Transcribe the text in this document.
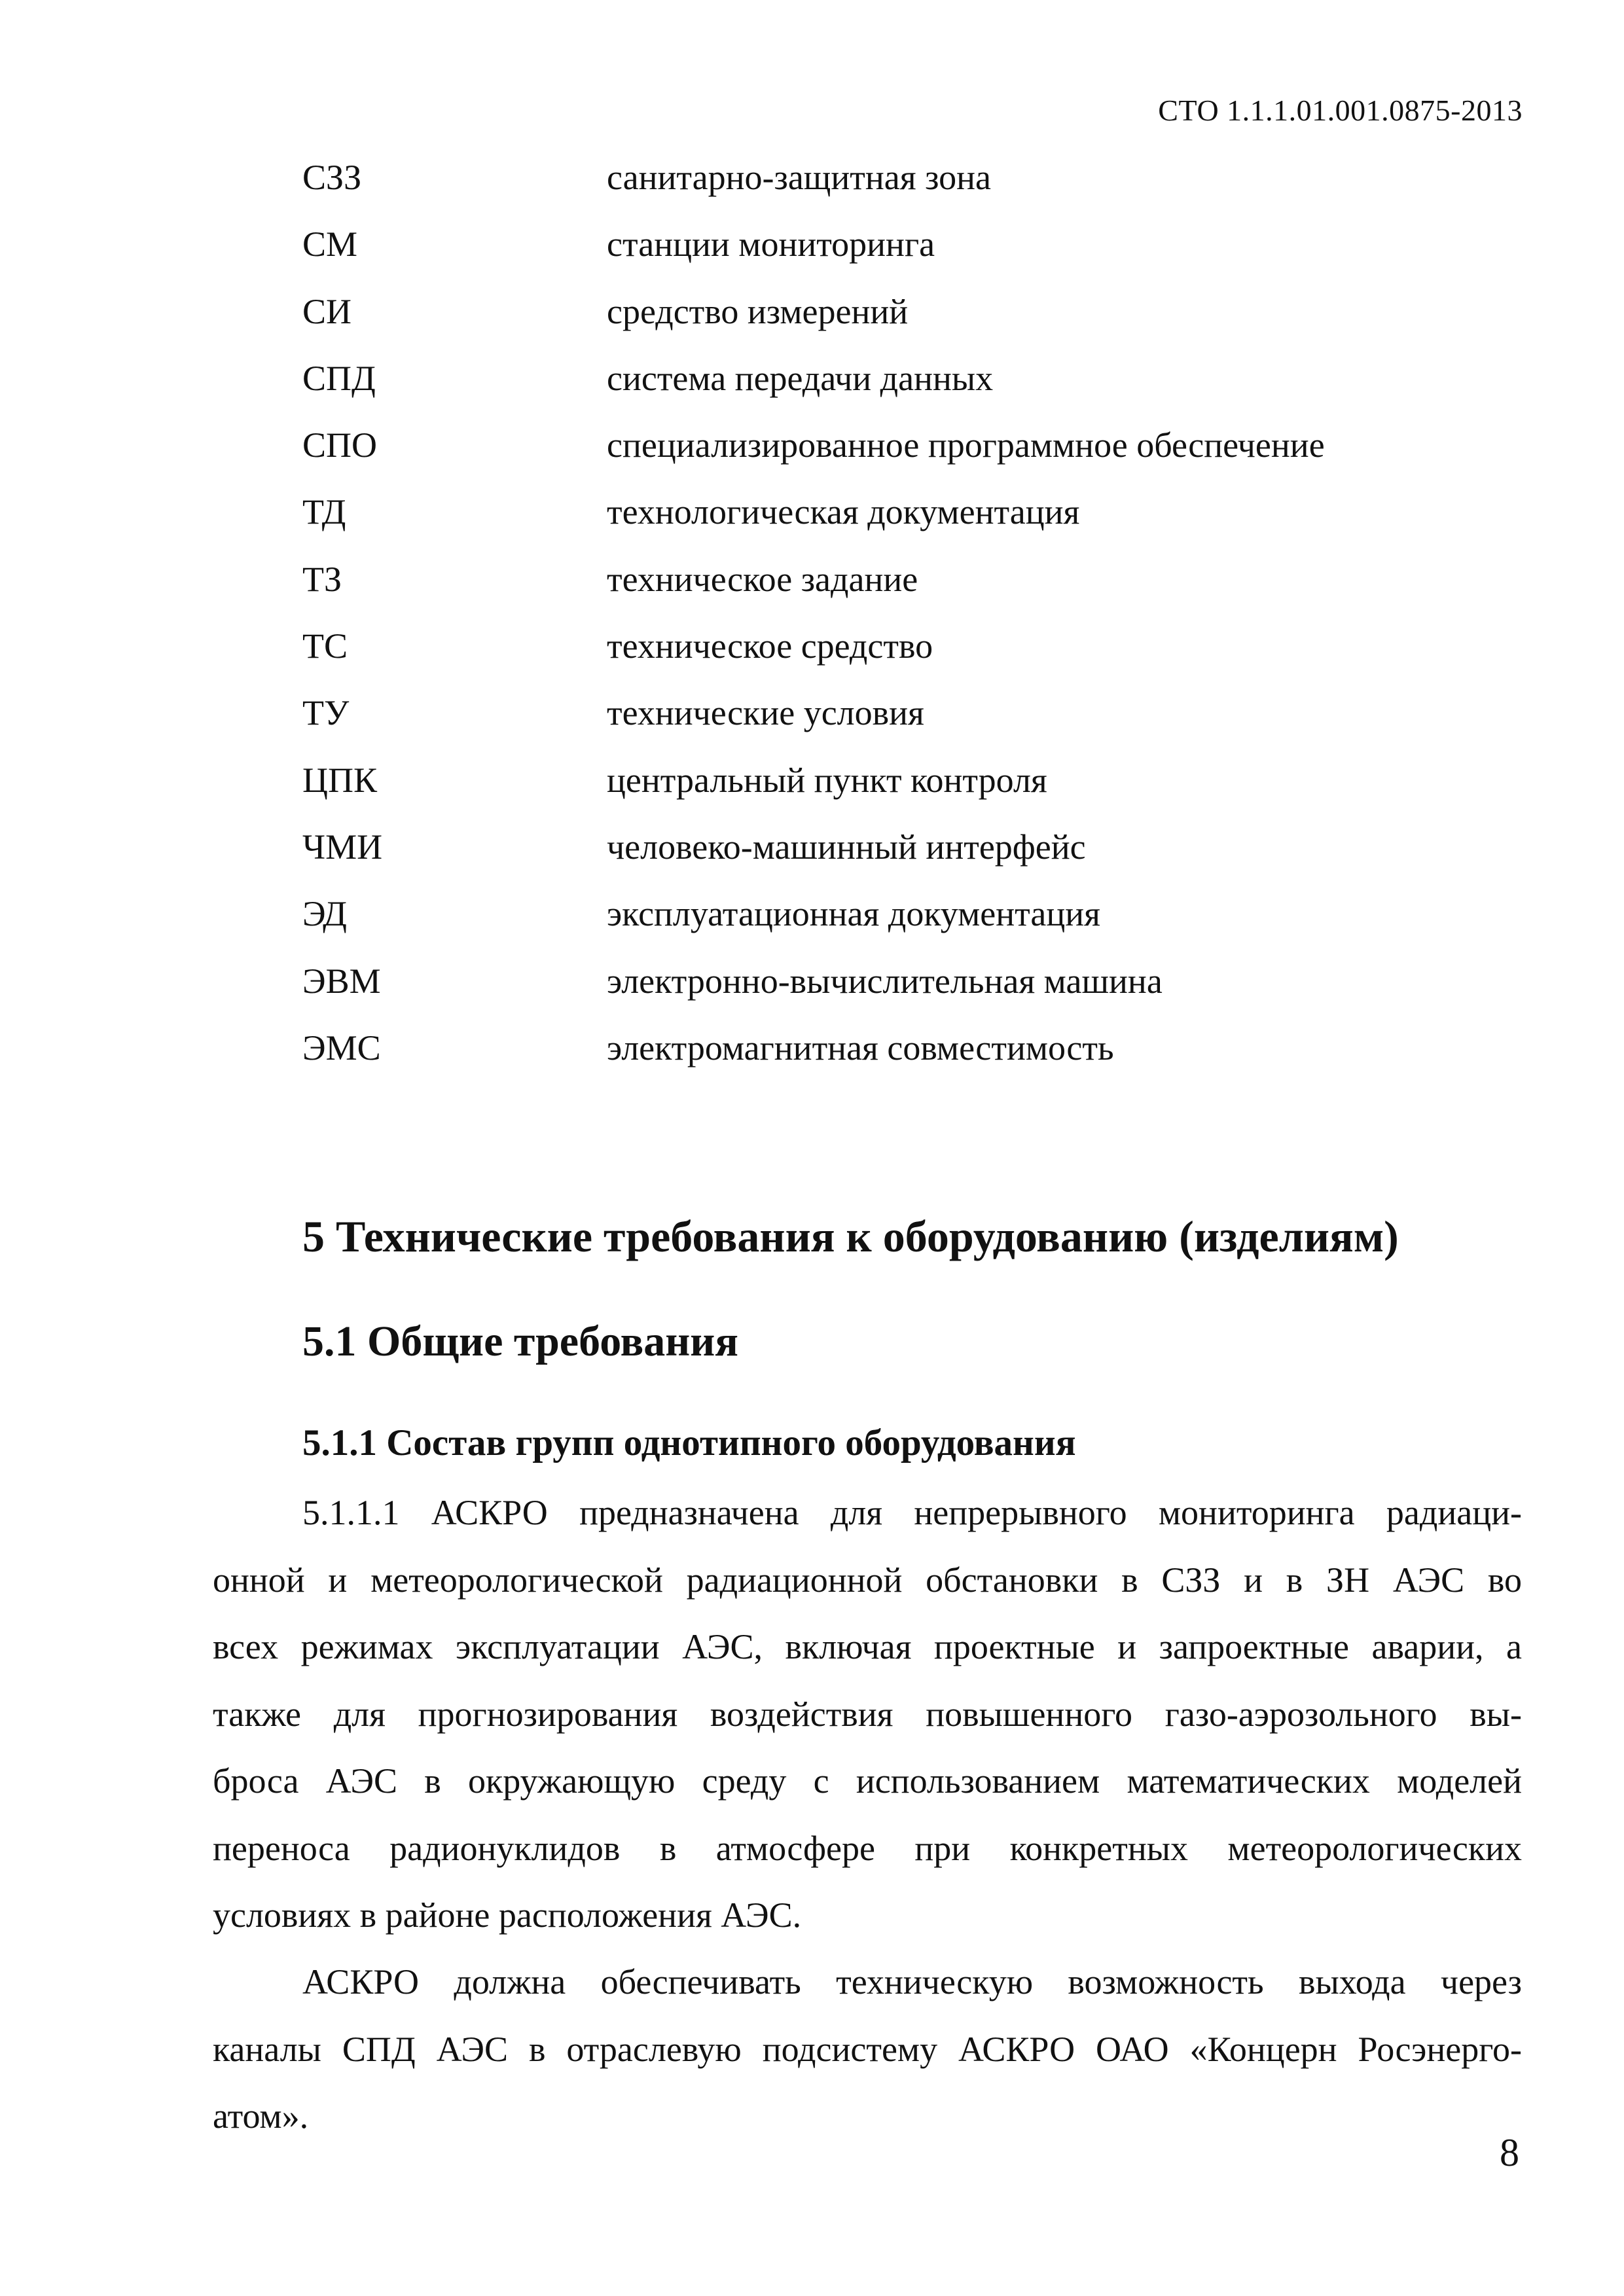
СТО 1.1.1.01.001.0875-2013
СЗЗ	санитарно-защитная зона
СМ	станции мониторинга
СИ	средство измерений
СПД	система передачи данных
СПО	специализированное программное обеспечение
ТД	технологическая документация
ТЗ	техническое задание
ТС	техническое средство
ТУ	технические условия
ЦПК	центральный пункт контроля
ЧМИ	человеко-машинный интерфейс
ЭД	эксплуатационная документация
ЭВМ	электронно-вычислительная машина
ЭМС	электромагнитная совместимость
5 Технические требования к оборудованию (изделиям)
5.1 Общие требования
5.1.1 Состав групп однотипного оборудования
5.1.1.1 АСКРО предназначена для непрерывного мониторинга радиаци-
онной и метеорологической радиационной обстановки в СЗЗ и в ЗН АЭС во
всех режимах эксплуатации АЭС, включая проектные и запроектные аварии, а
также для прогнозирования воздействия повышенного газо-аэрозольного вы-
броса АЭС в окружающую среду с использованием математических моделей
переноса радионуклидов в атмосфере при конкретных метеорологических
условиях в районе расположения АЭС.
АСКРО должна обеспечивать техническую возможность выхода через
каналы СПД АЭС в отраслевую подсистему АСКРО ОАО «Концерн Росэнерго-
атом».
8
